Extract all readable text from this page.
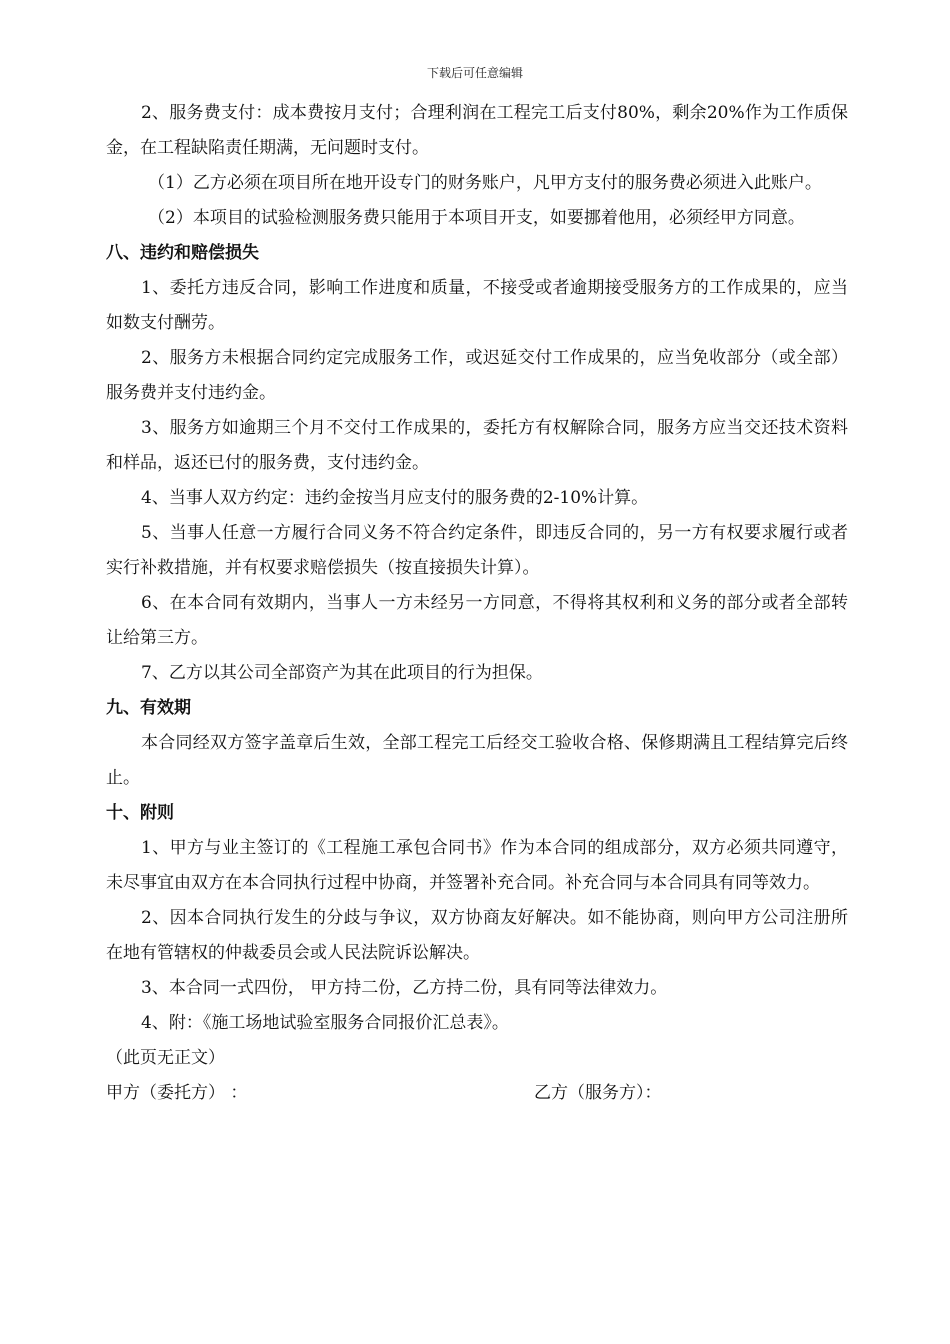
下载后可任意编辑

2、服务费支付：成本费按月支付；合理利润在工程完工后支付80%，剩余20%作为工作质保金，在工程缺陷责任期满，无问题时支付。

（1）乙方必须在项目所在地开设专门的财务账户，凡甲方支付的服务费必须进入此账户。

（2）本项目的试验检测服务费只能用于本项目开支，如要挪着他用，必须经甲方同意。

八、违约和赔偿损失

1、委托方违反合同，影响工作进度和质量，不接受或者逾期接受服务方的工作成果的，应当如数支付酬劳。

2、服务方未根据合同约定完成服务工作，或迟延交付工作成果的，应当免收部分（或全部）服务费并支付违约金。

3、服务方如逾期三个月不交付工作成果的，委托方有权解除合同，服务方应当交还技术资料和样品，返还已付的服务费，支付违约金。

4、当事人双方约定：违约金按当月应支付的服务费的2-10%计算。

5、当事人任意一方履行合同义务不符合约定条件，即违反合同的，另一方有权要求履行或者实行补救措施，并有权要求赔偿损失（按直接损失计算）。

6、在本合同有效期内，当事人一方未经另一方同意，不得将其权利和义务的部分或者全部转让给第三方。

7、乙方以其公司全部资产为其在此项目的行为担保。

九、有效期

本合同经双方签字盖章后生效，全部工程完工后经交工验收合格、保修期满且工程结算完后终止。

十、附则

1、甲方与业主签订的《工程施工承包合同书》作为本合同的组成部分，双方必须共同遵守，未尽事宜由双方在本合同执行过程中协商，并签署补充合同。补充合同与本合同具有同等效力。

2、因本合同执行发生的分歧与争议，双方协商友好解决。如不能协商，则向甲方公司注册所在地有管辖权的仲裁委员会或人民法院诉讼解决。

3、本合同一式四份， 甲方持二份，乙方持二份，具有同等法律效力。

4、附：《施工场地试验室服务合同报价汇总表》。

（此页无正文）

甲方（委托方） ：	乙方（服务方）：
